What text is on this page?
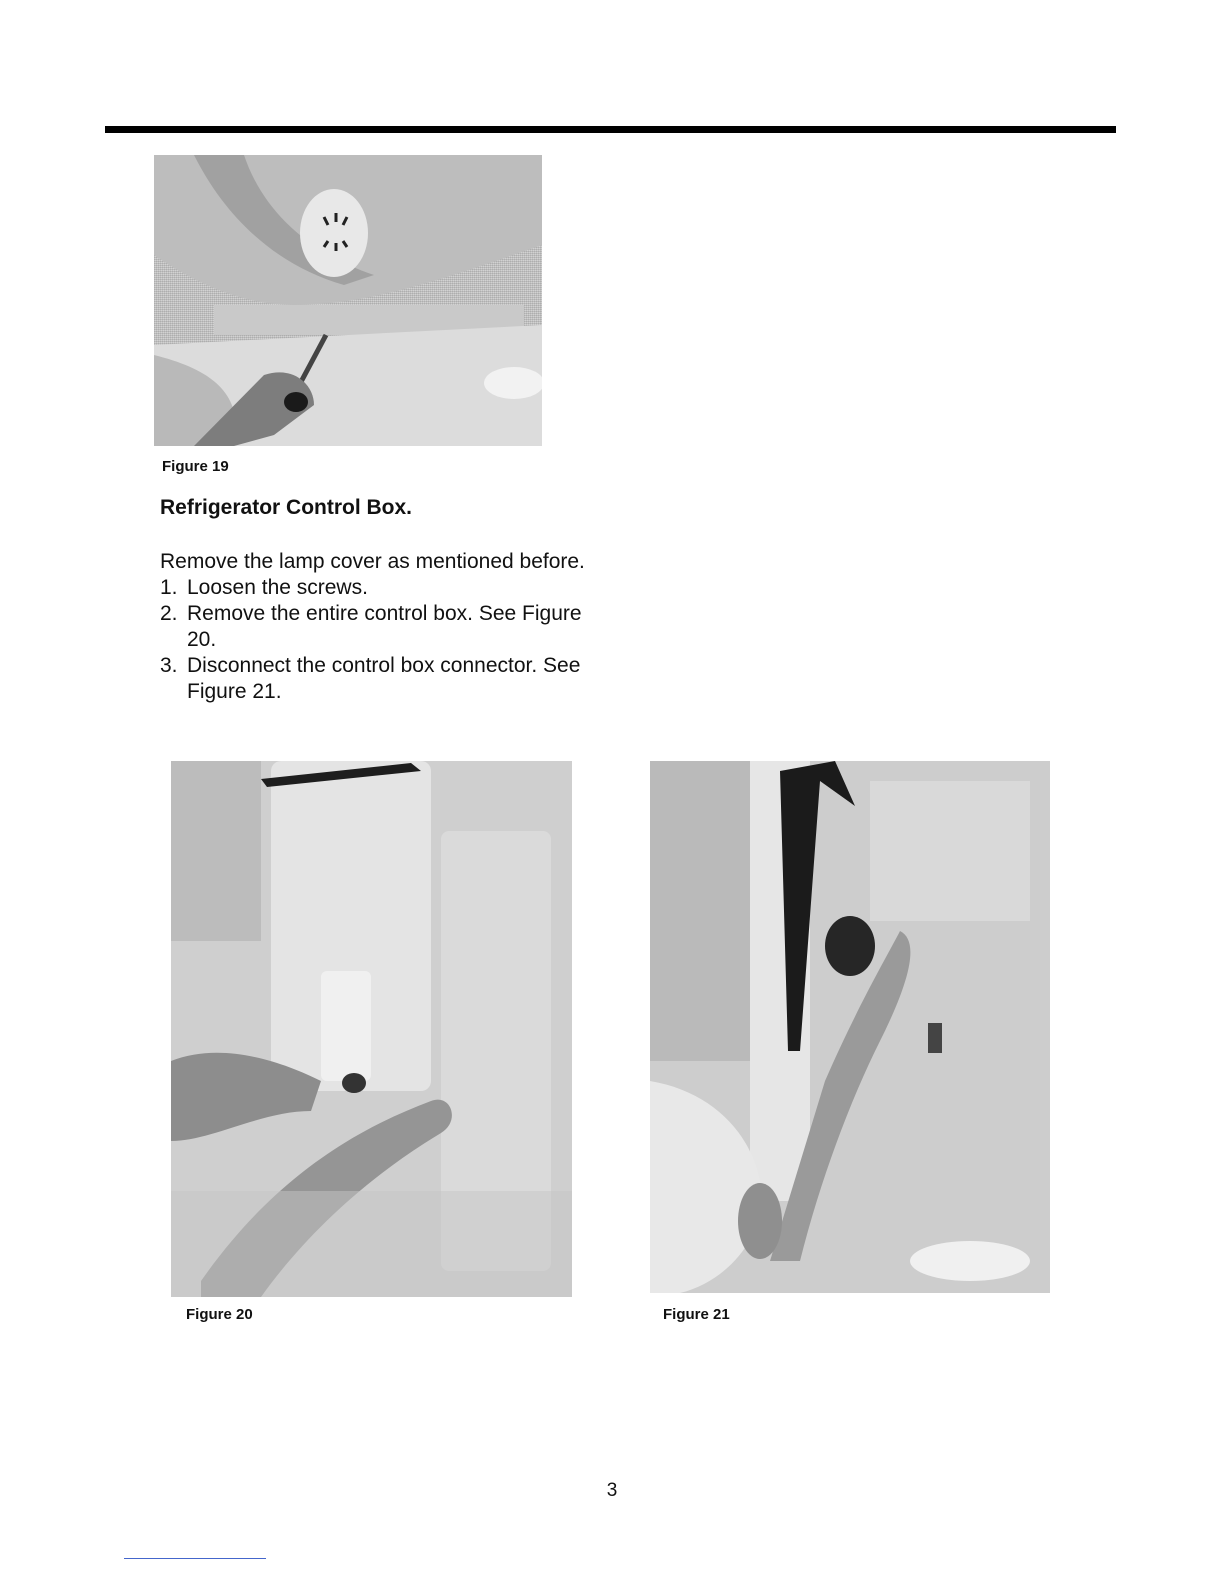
Figure 19
Refrigerator Control Box.

Remove the lamp cover as mentioned before.

1. Loosen the screws.
2. Remove the entire control box. See Figure 20.
3. Disconnect the control box connector. See Figure 21.
Figure 20	Figure 21
3
